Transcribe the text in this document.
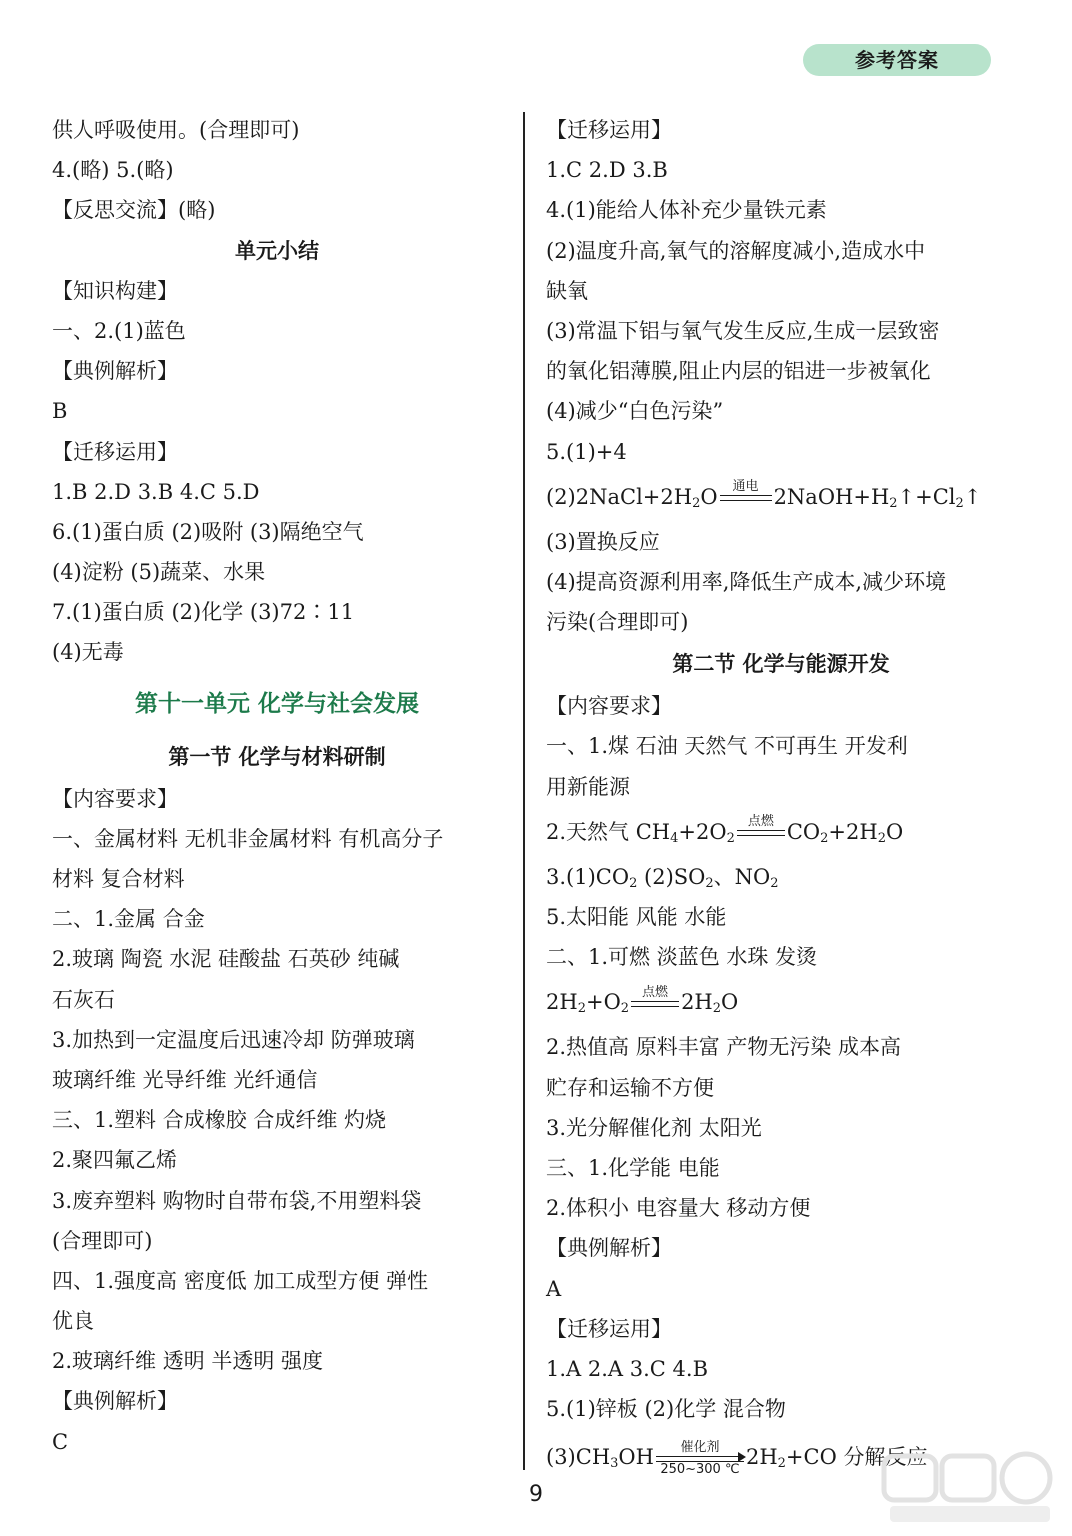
参考答案
供人呼吸使用。(合理即可)
4.(略) 5.(略)
【反思交流】(略)
单元小结
【知识构建】
一、2.(1)蓝色
【典例解析】
B
【迁移运用】
1.B 2.D 3.B 4.C 5.D
6.(1)蛋白质 (2)吸附 (3)隔绝空气
(4)淀粉 (5)蔬菜、水果
7.(1)蛋白质 (2)化学 (3)72∶11
(4)无毒
第十一单元 化学与社会发展
第一节 化学与材料研制
【内容要求】
一、金属材料 无机非金属材料 有机高分子
材料 复合材料
二、1.金属 合金
2.玻璃 陶瓷 水泥 硅酸盐 石英砂 纯碱
石灰石
3.加热到一定温度后迅速冷却 防弹玻璃
玻璃纤维 光导纤维 光纤通信
三、1.塑料 合成橡胶 合成纤维 灼烧
2.聚四氟乙烯
3.废弃塑料 购物时自带布袋,不用塑料袋
(合理即可)
四、1.强度高 密度低 加工成型方便 弹性
优良
2.玻璃纤维 透明 半透明 强度
【典例解析】
C
【迁移运用】
1.C 2.D 3.B
4.(1)能给人体补充少量铁元素
(2)温度升高,氧气的溶解度减小,造成水中
缺氧
(3)常温下铝与氧气发生反应,生成一层致密
的氧化铝薄膜,阻止内层的铝进一步被氧化
(4)减少“白色污染”
5.(1)+4
$(2)2NaCl+2H_2O$	通电
$2NaOH+H_2↑+Cl_2↑$
(3)置换反应
(4)提高资源利用率,降低生产成本,减少环境
污染(合理即可)
第二节 化学与能源开发
【内容要求】
一、1.煤 石油 天然气 不可再生 开发利
用新能源
2.天然气 $CH_4+2O_2$
点燃
$CO_2+2H_2O$
$3.(1)CO_2$ $(2)SO_2$、$NO_2$
5.太阳能 风能 水能
二、1.可燃 淡蓝色 水珠 发烫
$2H_2+O_2$
点燃
$2H_2O$
2.热值高 原料丰富 产物无污染 成本高
贮存和运输不方便
3.光分解催化剂 太阳光
三、1.化学能 电能
2.体积小 电容量大 移动方便
【典例解析】
A
【迁移运用】
1.A 2.A 3.C 4.B
5.(1)锌板 (2)化学 混合物
$(3)CH_3OH$	催化剂
250~300 ℃ $2H_2+CO$ 分解反应
9
